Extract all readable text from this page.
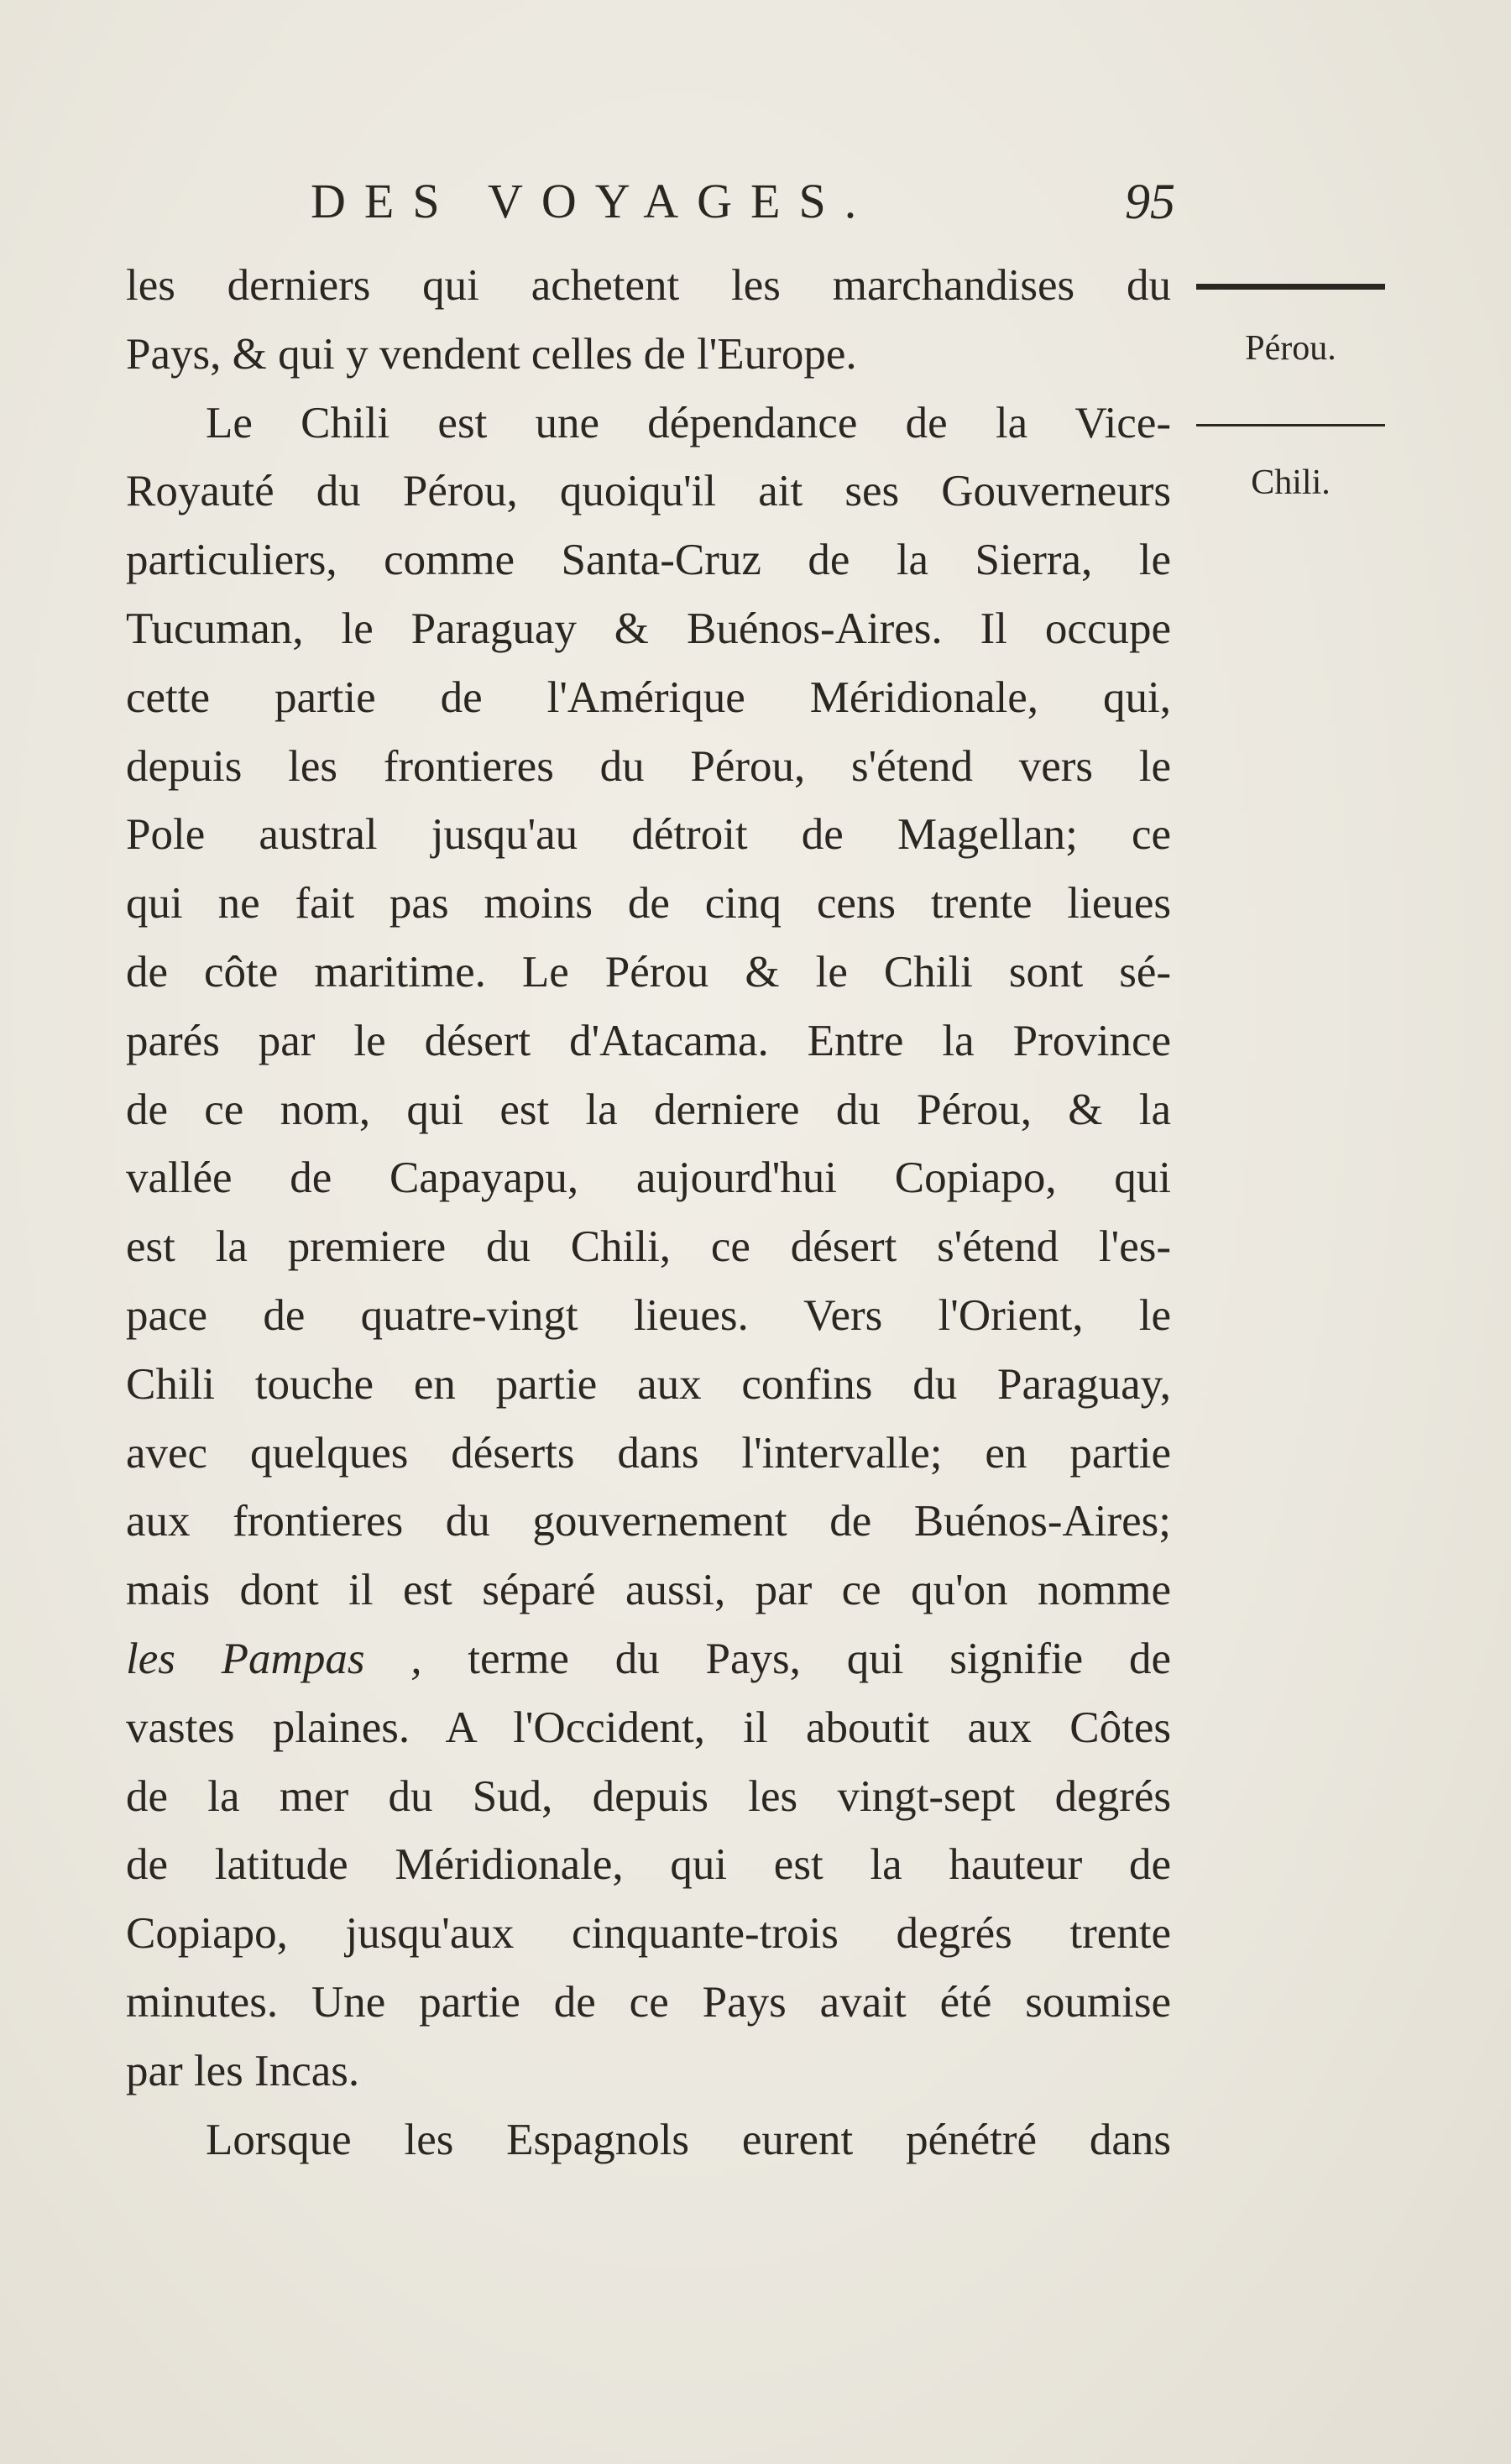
DES VOYAGES.	95
les derniers qui achetent les marchandises du
Pays, & qui y vendent celles de l'Europe.
Le Chili est une dépendance de la Vice-
Royauté du Pérou, quoiqu'il ait ses Gouverneurs
particuliers, comme Santa-Cruz de la Sierra, le
Tucuman, le Paraguay & Buénos-Aires. Il occupe
cette partie de l'Amérique Méridionale, qui,
depuis les frontieres du Pérou, s'étend vers le
Pole austral jusqu'au détroit de Magellan; ce
qui ne fait pas moins de cinq cens trente lieues
de côte maritime. Le Pérou & le Chili sont sé-
parés par le désert d'Atacama. Entre la Province
de ce nom, qui est la derniere du Pérou, & la
vallée de Capayapu, aujourd'hui Copiapo, qui
est la premiere du Chili, ce désert s'étend l'es-
pace de quatre-vingt lieues. Vers l'Orient, le
Chili touche en partie aux confins du Paraguay,
avec quelques déserts dans l'intervalle; en partie
aux frontieres du gouvernement de Buénos-Aires;
mais dont il est séparé aussi, par ce qu'on nomme
les Pampas , terme du Pays, qui signifie de
vastes plaines. A l'Occident, il aboutit aux Côtes
de la mer du Sud, depuis les vingt-sept degrés
de latitude Méridionale, qui est la hauteur de
Copiapo, jusqu'aux cinquante-trois degrés trente
minutes. Une partie de ce Pays avait été soumise
par les Incas.
Lorsque les Espagnols eurent pénétré dans
Pérou.
Chili.
